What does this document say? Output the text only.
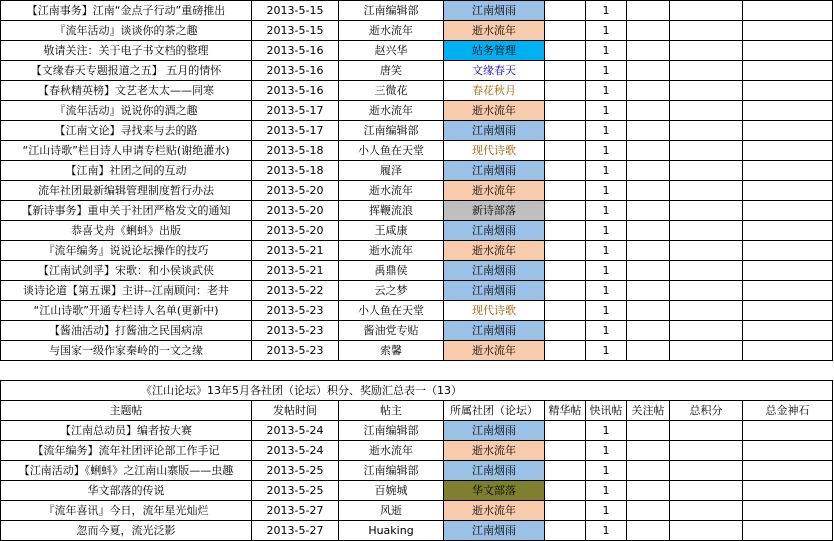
【江南事务】江南“金点子行动”重磅推出	2013-5-15	江南编辑部	江南烟雨		1			
『流年活动』谈谈你的茶之趣	2013-5-15	逝水流年	逝水流年		1			
敬请关注：关于电子书文档的整理	2013-5-16	赵兴华	站务管理		1			
【文缘春天专题报道之五】 五月的情怀	2013-5-16	唐笑	文缘春天		1			
【春秋精英榜】文艺老太太——同寒	2013-5-16	三微花	春花秋月		1			
『流年活动』说说你的酒之趣	2013-5-17	逝水流年	逝水流年		1			
【江南文论】寻找来与去的路	2013-5-17	江南编辑部	江南烟雨		1			
“江山诗歌”栏目诗人申请专栏贴(谢绝灌水)	2013-5-18	小人鱼在天堂	现代诗歌		1			
【江南】社团之间的互动	2013-5-18	履泽	江南烟雨		1			
流年社团最新编辑管理制度暂行办法	2013-5-20	逝水流年	逝水流年		1			
【新诗事务】重申关于社团严格发文的通知	2013-5-20	挥鞭流浪	新诗部落		1			
恭喜戈舟《蜊蚪》出版	2013-5-20	王咸康	江南烟雨		1			
『流年编务』说说论坛操作的技巧	2013-5-21	逝水流年	逝水流年		1			
【江南试剑孚】宋歌：和小侯谈武侠	2013-5-21	禹鼎侯	江南烟雨		1			
谈诗论道【第五课】主讲--江南顾问：老井	2013-5-22	云之梦	江南烟雨		1			
“江山诗歌”开通专栏诗人名单(更新中)	2013-5-23	小人鱼在天堂	现代诗歌		1			
【酱油活动】打酱油之民国病凉	2013-5-23	酱油党专贴	江南烟雨		1			
与国家一级作家秦岭的一文之缘	2013-5-23	索馨	逝水流年		1			

《江山论坛》13年5月各社团（论坛）积分、奖励汇总表一（13）								
主题帖	发帖时间	帖主	所属社团（论坛）	精华帖	快讯帖	关注帖	总积分	总金神石
【江南总动员】编者按大赛	2013-5-24	江南编辑部	江南烟雨		1			
【流年编务】流年社团评论部工作手记	2013-5-24	逝水流年	逝水流年		1			
【江南活动】《蜊蚪》之江南山寨版——虫趣	2013-5-25	江南编辑部	江南烟雨		1			
华文部落的传说	2013-5-25	百婉城	华文部落		1			
『流年喜讯』今日，流年星光灿烂	2013-5-27	风逝	逝水流年		1			
忽而今夏，流光泛影	2013-5-27	Huaking	江南烟雨		1			
